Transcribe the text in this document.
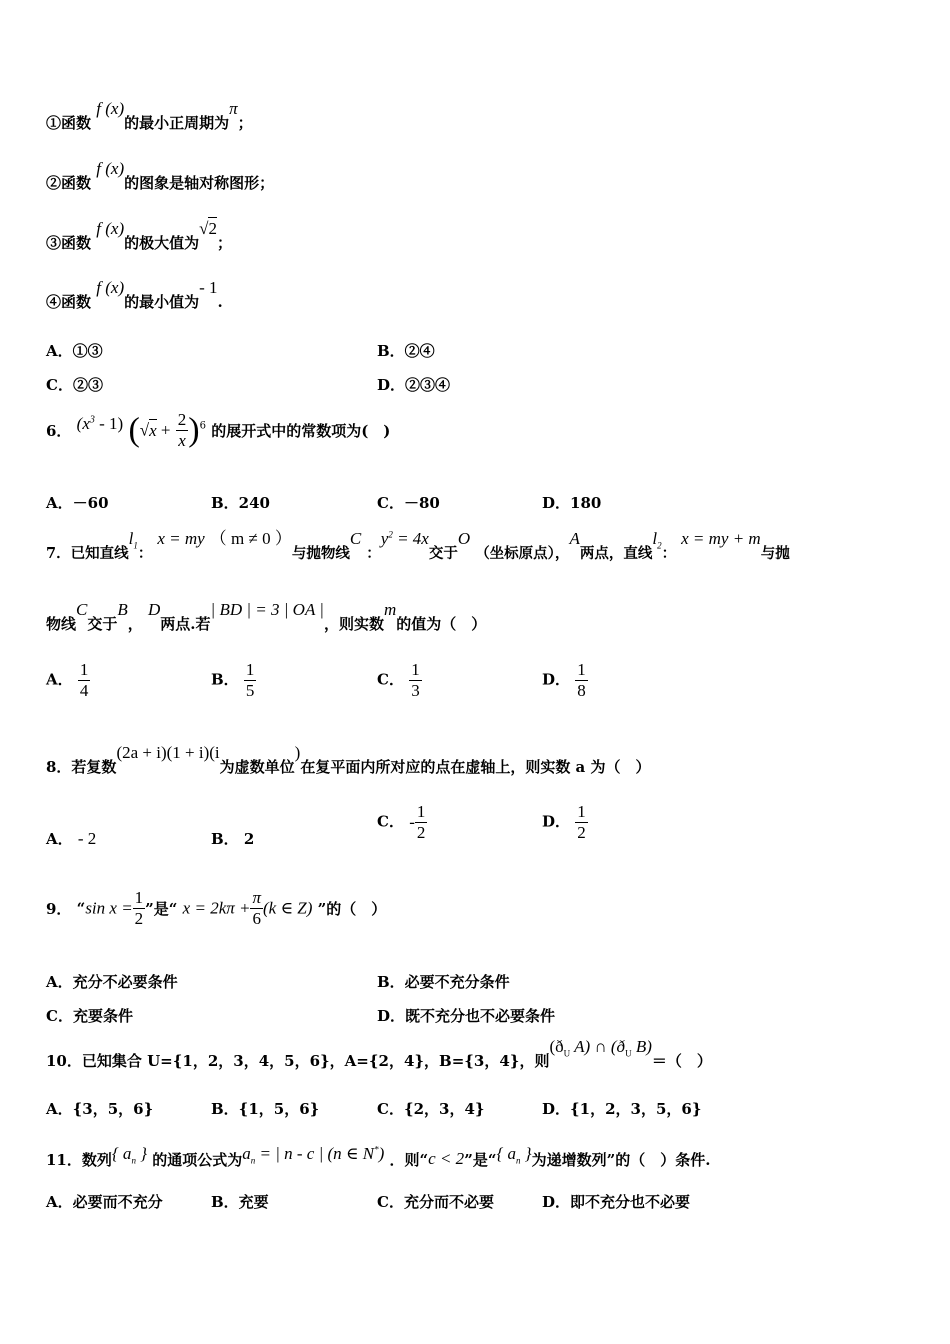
①函数 f (x)的最小正周期为π；
②函数 f (x)的图象是轴对称图形；
③函数 f (x)的极大值为√2；
④函数 f (x)的最小值为- 1.
A．①③	B．②④
C．②③	D．②③④
6． $(x^3 - 1) (√x + \frac{2}{x} )^6$ 的展开式中的常数项为(　)
A．－60	B．240	C．－80	D．180
7．已知直线$l_1$： x = my （ m ≠ 0 ）与抛物线C ：$y^2 = 4x$交于O （坐标原点），A两点，直线$l_2$： x = my + m与抛
物线C交于B， D两点.若| BD | = 3 | OA |，则实数m的值为（　）
A． $\frac{1}{4}$	B． $\frac{1}{5}$	C． $\frac{1}{3}$	D． $\frac{1}{8}$
8．若复数(2a + i)(1 + i)(i为虚数单位)在复平面内所对应的点在虚轴上，则实数 a 为（　）
A． - 2	B． 2
C． - $\frac{1}{2}$	D． $\frac{1}{2}$
9． “sin $x = \frac{1}{2}$ ”是“ $x = 2k\pi + \frac{\pi}{6} (k$ ∈ Z) ”的（　）
A．充分不必要条件	B．必要不充分条件
C．充要条件	D．既不充分也不必要条件
10．已知集合 U={1，2，3，4，5，6}，A={2，4}，B={3，4}，则($ð_U$ A) ∩ ($ð_U$ B)＝（　）
A．{3，5，6}	B．{1，5，6}	C．{2，3，4}	D．{1，2，3，5，6}
11．数列{ $a_n$ } 的通项公式为$a_n$ = | n - c | (n ∈ N*) ．则“c < 2”是“{ $a_n$ }为递增数列”的（　）条件.
A．必要而不充分	B．充要	C．充分而不必要	D．即不充分也不必要
